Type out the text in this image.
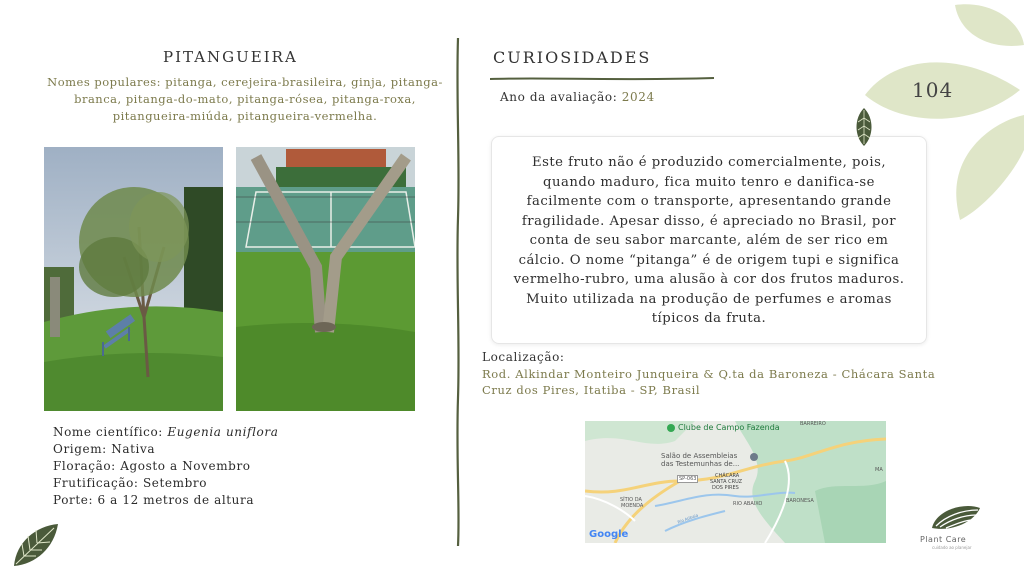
PITANGUEIRA
Nomes populares: pitanga, cerejeira-brasileira, ginja, pitanga-branca, pitanga-do-mato, pitanga-rósea, pitanga-roxa, pitangueira-miúda, pitangueira-vermelha.
Nome científico: Eugenia uniflora
Origem: Nativa
Floração: Agosto a Novembro
Frutificação: Setembro
Porte: 6 a 12 metros de altura
CURIOSIDADES
Ano da avaliação: 2024
Este fruto não é produzido comercialmente, pois, quando maduro, fica muito tenro e danifica-se facilmente com o transporte, apresentando grande fragilidade. Apesar disso, é apreciado no Brasil, por conta de seu sabor marcante, além de ser rico em cálcio. O nome “pitanga” é de origem tupi e significa vermelho-rubro, uma alusão à cor dos frutos maduros. Muito utilizada na produção de perfumes e aromas típicos da fruta.
Localização:
Rod. Alkindar Monteiro Junqueira & Q.ta da Baroneza - Chácara Santa Cruz dos Pires, Itatiba - SP, Brasil
Clube de Campo Fazenda	BARREIRO
Salão de Assembleias
das Testemunhas de...
SP-063	CHÁCARA
SANTA CRUZ
DOS PIRES
SÍTIO DA
MOENDA
BARONESA
RIO ABAIXO
Rio Atibaia
MA
Google
104
Plant Care
cuidado ao planejar
